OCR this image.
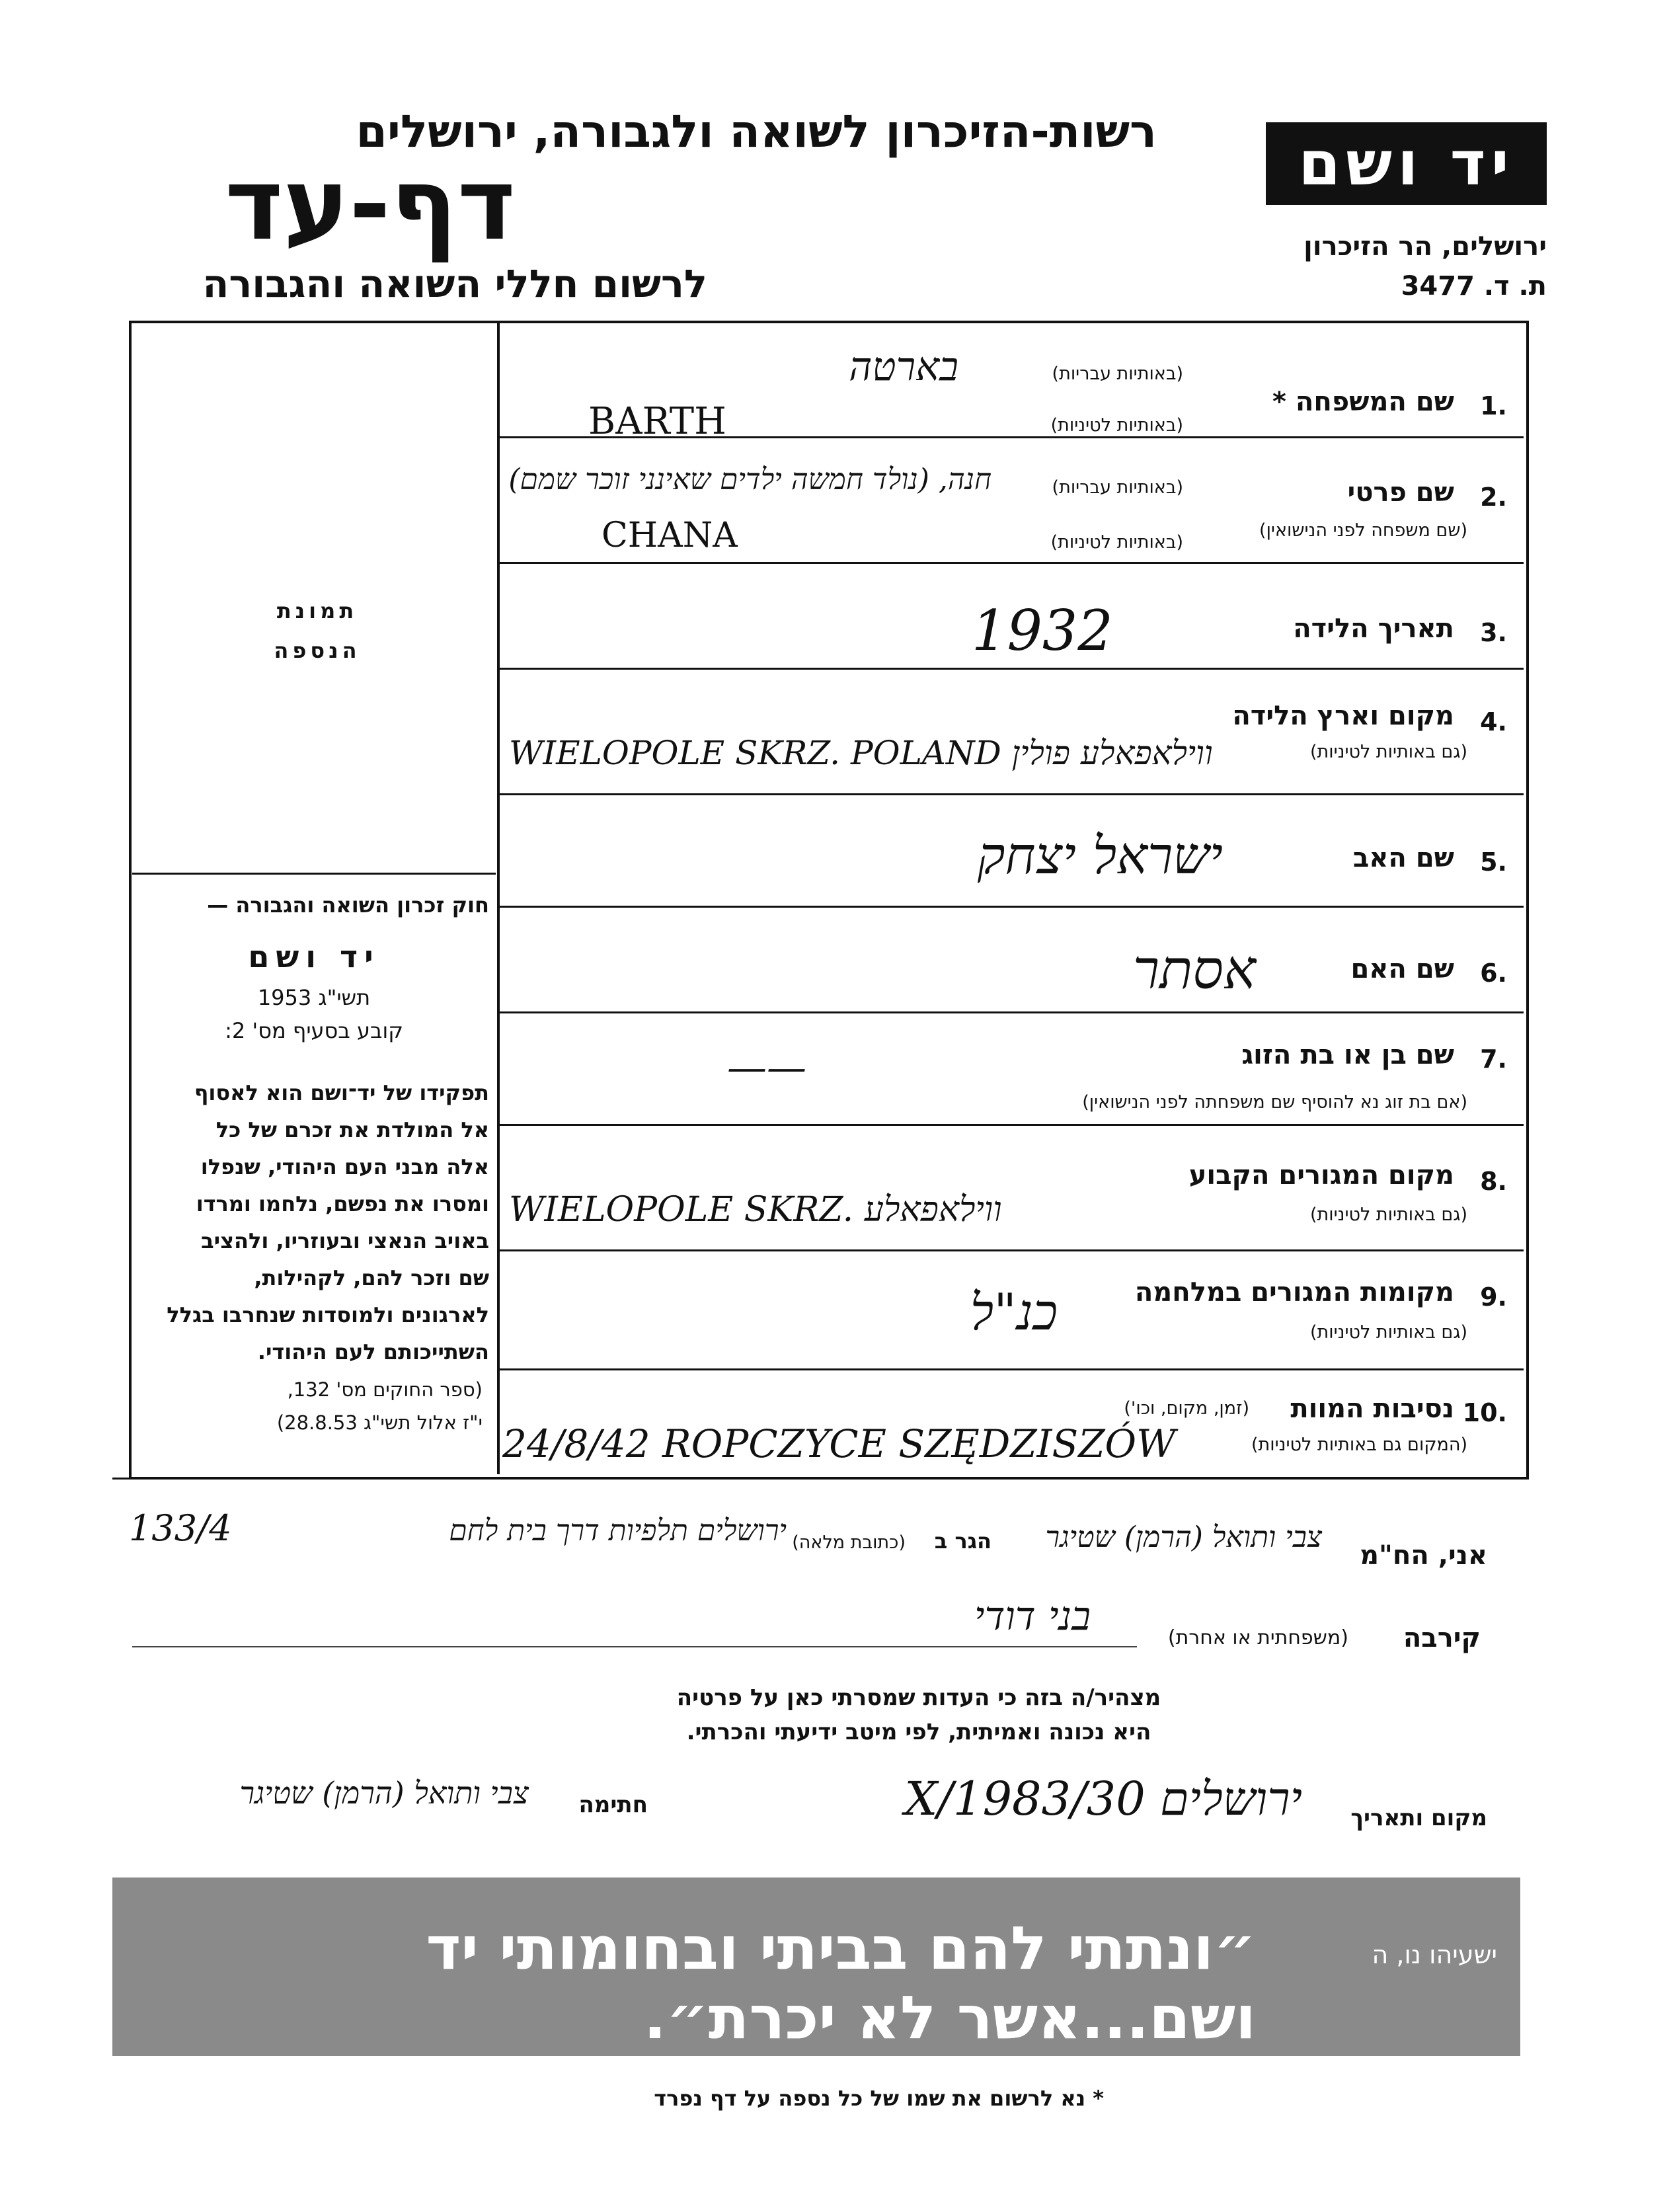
רשות-הזיכרון לשואה ולגבורה, ירושלים
דף-עד
לרשום חללי השואה והגבורה
יד ושם
ירושלים, הר הזיכרון
ת. ד. 3477
1.
שם המשפחה *
(באותיות עבריות)
(באותיות לטיניות)
בארטה
BARTH
2.
שם פרטי
(שם משפחה לפני הנישואין)
(באותיות עבריות)
(באותיות לטיניות)
חנה, (נולד חמשה ילדים שאינני זוכר שמם)
CHANA
3.
תאריך הלידה
1932
תמונת
הנספה
4.
מקום וארץ הלידה
(גם באותיות לטיניות)
WIELOPOLE SKRZ. POLAND ווילאפאלע פולין
5.
שם האב
ישראל יצחק
חוק זכרון השואה והגבורה —
יד ושם
תשי"ג 1953
קובע בסעיף מס' 2:
תפקידו של יד־ושם הוא לאסוף
אל המולדת את זכרם של כל
אלה מבני העם היהודי, שנפלו
ומסרו את נפשם, נלחמו ומרדו
באויב הנאצי ובעוזריו, ולהציב
שם וזכר להם, לקהילות,
לארגונים ולמוסדות שנחרבו בגלל
השתייכותם לעם היהודי.
(ספר החוקים מס' 132,
י"ז אלול תשי"ג 28.8.53)
6.
שם האם
אסתר
7.
שם בן או בת הזוג
(אם בת זוג נא להוסיף שם משפחתה לפני הנישואין)
——
8.
מקום המגורים הקבוע
(גם באותיות לטיניות)
WIELOPOLE SKRZ. ווילאפאלע
9.
מקומות המגורים במלחמה
(גם באותיות לטיניות)
כנ"ל
10.
נסיבות המוות
(זמן, מקום, וכו')
(המקום גם באותיות לטיניות)
24/8/42 ROPCZYCE SZĘDZISZÓW
אני, הח"מ
צבי ותואל (הרמן) שטיגר
הגר ב
(כתובת מלאה)
ירושלים תלפיות דרך בית לחם
133/4
קירבה
(משפחתית או אחרת)
בני דודי
מצהיר/ה בזה כי העדות שמסרתי כאן על פרטיה
היא נכונה ואמיתית, לפי מיטב ידיעתי והכרתי.
חתימה
צבי ותואל (הרמן) שטיגר
מקום ותאריך
ירושלים 30/X/1983
״ונתתי להם בביתי ובחומותי יד ושם...אשר לא יכרת״.
ישעיהו נו, ה
* נא לרשום את שמו של כל נספה על דף נפרד
